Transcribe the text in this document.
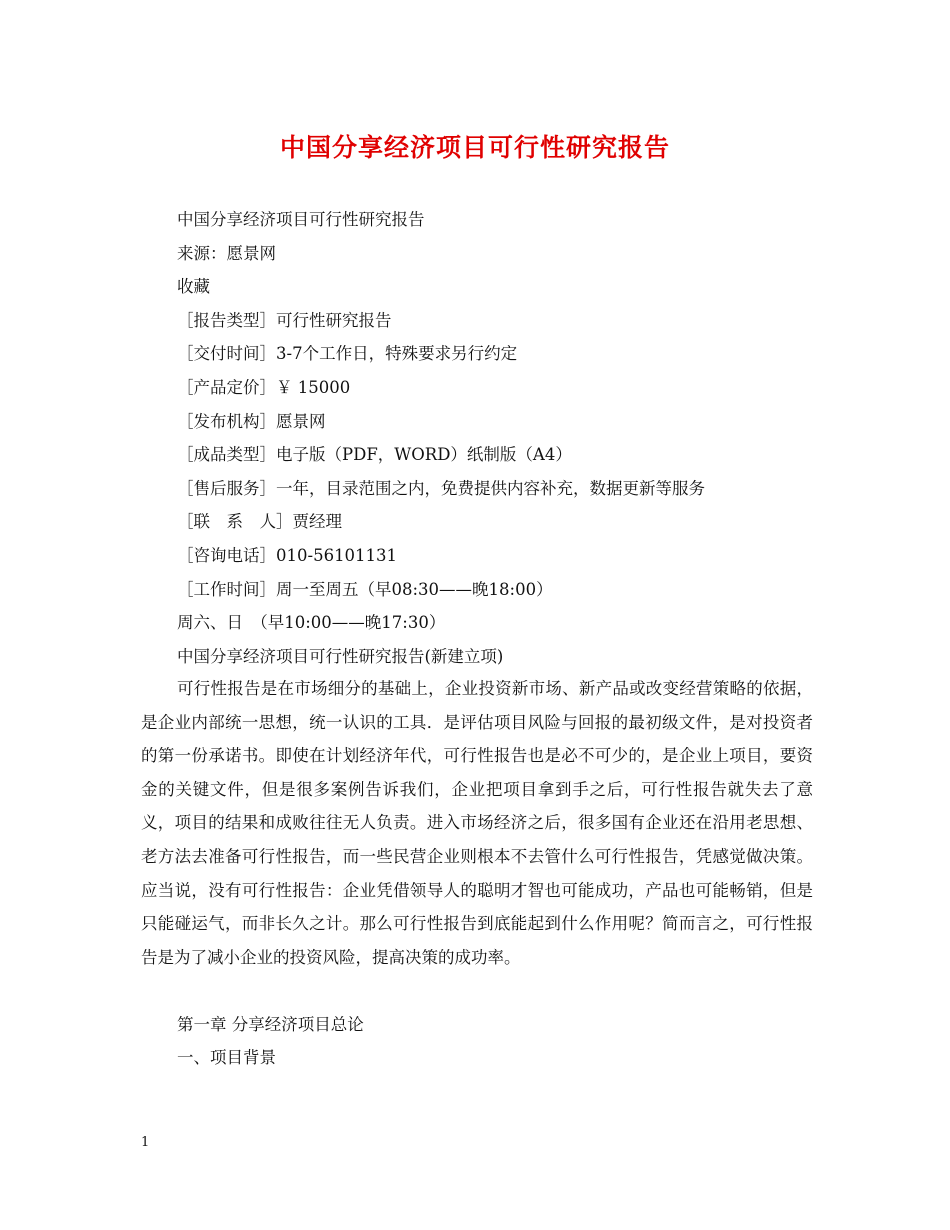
中国分享经济项目可行性研究报告
中国分享经济项目可行性研究报告
来源：愿景网
收藏
［报告类型］可行性研究报告
［交付时间］3-7个工作日，特殊要求另行约定
［产品定价］￥ 15000
［发布机构］愿景网
［成品类型］电子版（PDF，WORD）纸制版（A4）
［售后服务］一年，目录范围之内，免费提供内容补充，数据更新等服务
［联　系　人］贾经理
［咨询电话］010-56101131
［工作时间］周一至周五（早08:30——晚18:00）
周六、日　（早10:00——晚17:30）
中国分享经济项目可行性研究报告(新建立项)

可行性报告是在市场细分的基础上，企业投资新市场、新产品或改变经营策略的依据，是企业内部统一思想，统一认识的工具．是评估项目风险与回报的最初级文件，是对投资者的第一份承诺书。即使在计划经济年代，可行性报告也是必不可少的，是企业上项目，要资金的关键文件，但是很多案例告诉我们，企业把项目拿到手之后，可行性报告就失去了意义，项目的结果和成败往往无人负责。进入市场经济之后，很多国有企业还在沿用老思想、老方法去准备可行性报告，而一些民营企业则根本不去管什么可行性报告，凭感觉做决策。应当说，没有可行性报告：企业凭借领导人的聪明才智也可能成功，产品也可能畅销，但是只能碰运气，而非长久之计。那么可行性报告到底能起到什么作用呢？简而言之，可行性报告是为了减小企业的投资风险，提高决策的成功率。

第一章 分享经济项目总论
一、项目背景
1
